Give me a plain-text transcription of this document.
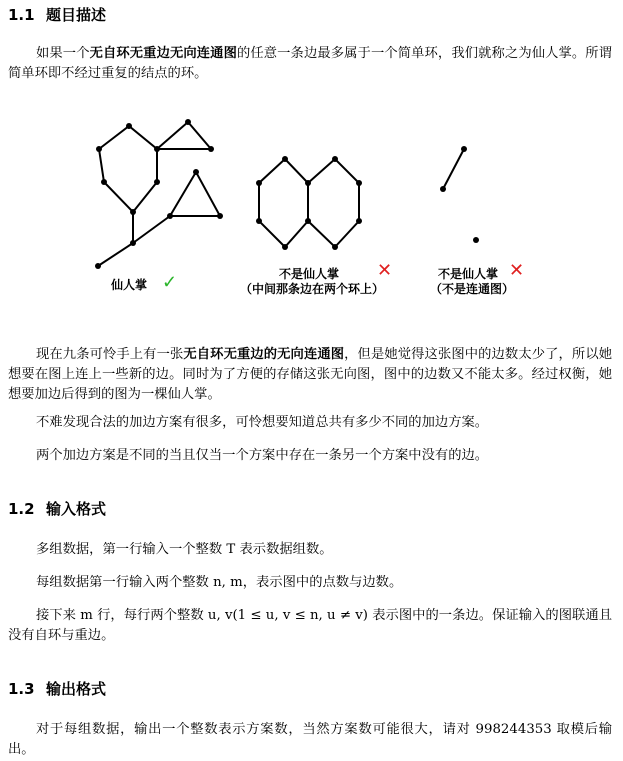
1.1 题目描述
如果一个无自环无重边无向连通图的任意一条边最多属于一个简单环，我们就称之为仙人掌。所谓简单环即不经过重复的结点的环。
仙人掌 ✓	不是仙人掌
（中间那条边在两个环上）
✕	不是仙人掌
（不是连通图）
✕
现在九条可怜手上有一张无自环无重边的无向连通图，但是她觉得这张图中的边数太少了，所以她想要在图上连上一些新的边。同时为了方便的存储这张无向图，图中的边数又不能太多。经过权衡，她想要加边后得到的图为一棵仙人掌。
不难发现合法的加边方案有很多，可怜想要知道总共有多少不同的加边方案。
两个加边方案是不同的当且仅当一个方案中存在一条另一个方案中没有的边。
1.2 输入格式
多组数据，第一行输入一个整数 T 表示数据组数。
每组数据第一行输入两个整数 n, m，表示图中的点数与边数。
接下来 m 行，每行两个整数 u, v(1 ≤ u, v ≤ n, u ≠ v) 表示图中的一条边。保证输入的图联通且没有自环与重边。
1.3 输出格式
对于每组数据，输出一个整数表示方案数，当然方案数可能很大，请对 998244353 取模后输出。
